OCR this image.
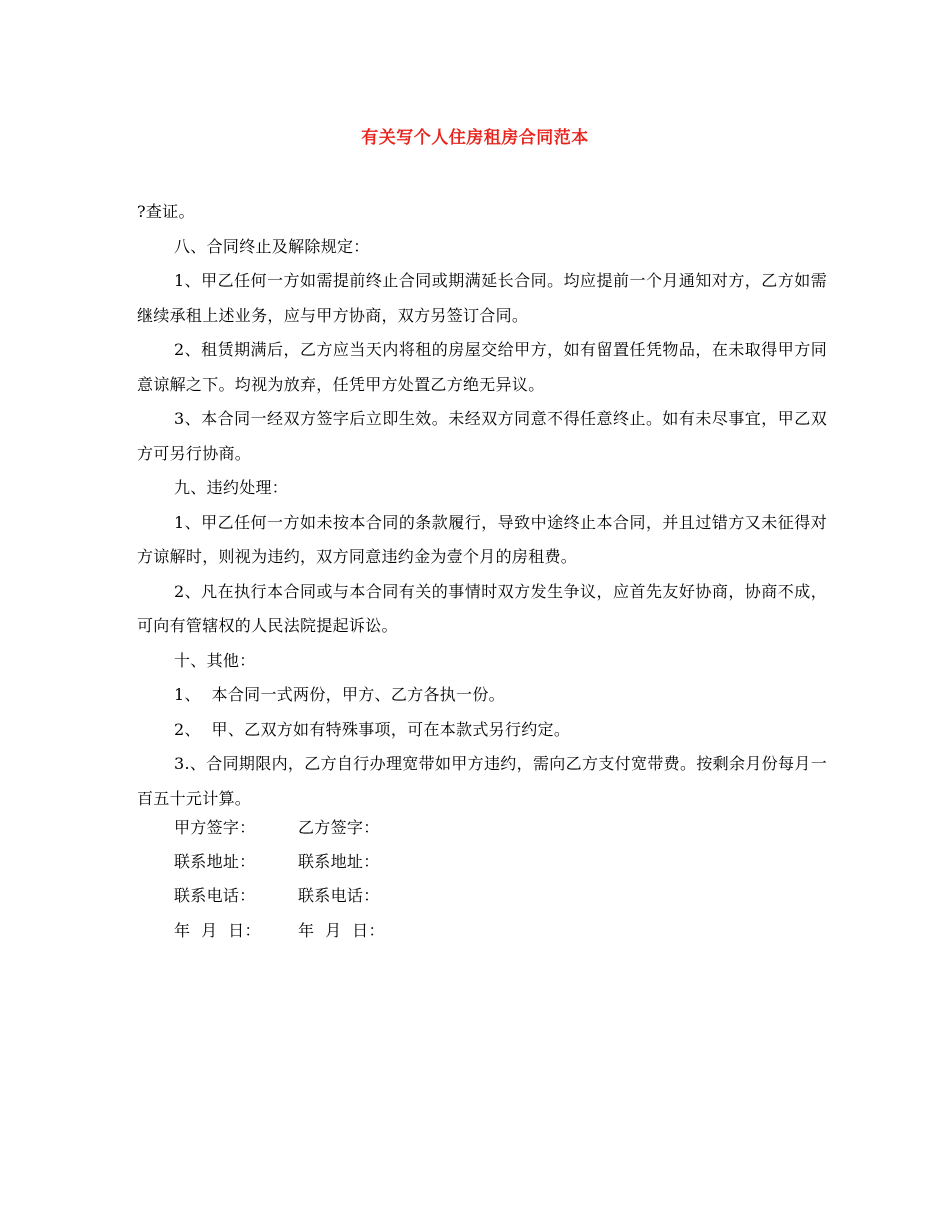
有关写个人住房租房合同范本

?查证。

八、合同终止及解除规定：

1、甲乙任何一方如需提前终止合同或期满延长合同。均应提前一个月通知对方，乙方如需继续承租上述业务，应与甲方协商，双方另签订合同。

2、租赁期满后，乙方应当天内将租的房屋交给甲方，如有留置任凭物品，在未取得甲方同意谅解之下。均视为放弃，任凭甲方处置乙方绝无异议。

3、本合同一经双方签字后立即生效。未经双方同意不得任意终止。如有未尽事宜，甲乙双方可另行协商。

九、违约处理：

1、甲乙任何一方如未按本合同的条款履行，导致中途终止本合同，并且过错方又未征得对方谅解时，则视为违约，双方同意违约金为壹个月的房租费。

2、凡在执行本合同或与本合同有关的事情时双方发生争议，应首先友好协商，协商不成，可向有管辖权的人民法院提起诉讼。

十、其他：

1、  本合同一式两份，甲方、乙方各执一份。

2、  甲、乙双方如有特殊事项，可在本款式另行约定。

3.、合同期限内，乙方自行办理宽带如甲方违约，需向乙方支付宽带费。按剩余月份每月一百五十元计算。

甲方签字：	乙方签字：
联系地址：	联系地址：
联系电话：	联系电话：
年  月  日：	年  月  日：
